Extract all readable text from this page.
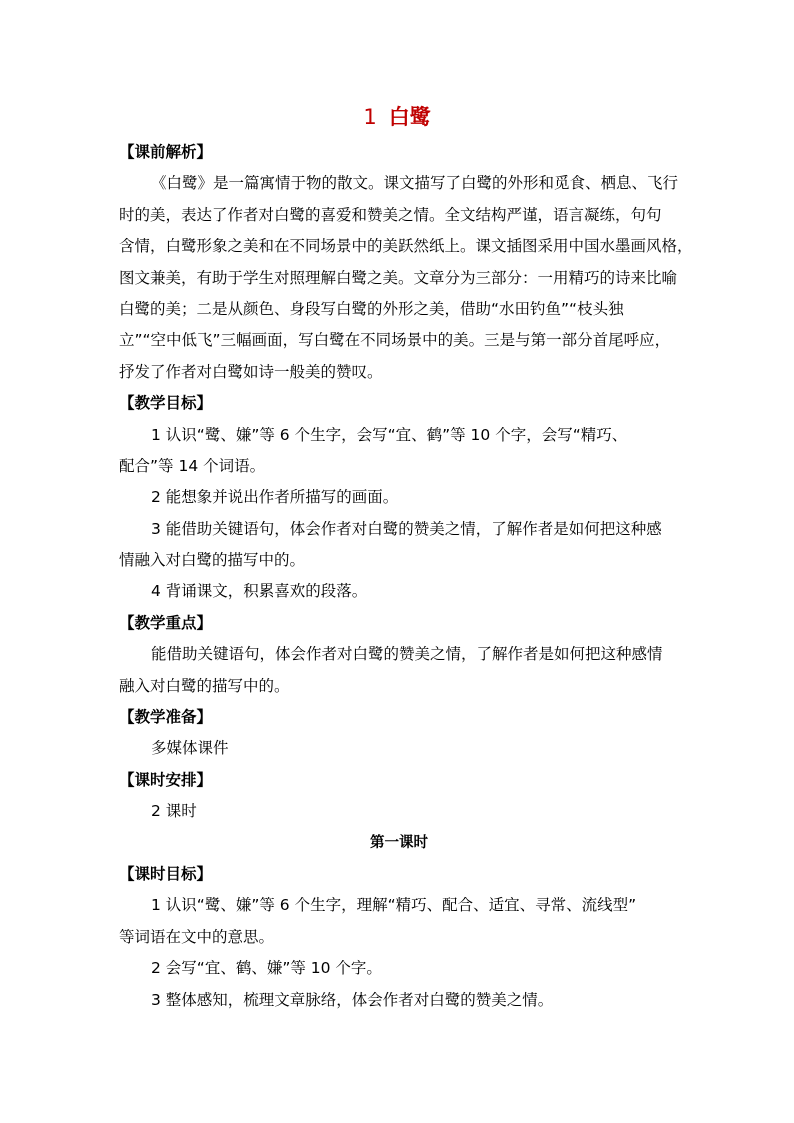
1 白鹭
【课前解析】
《白鹭》是一篇寓情于物的散文。课文描写了白鹭的外形和觅食、栖息、飞行
时的美，表达了作者对白鹭的喜爱和赞美之情。全文结构严谨，语言凝练，句句
含情，白鹭形象之美和在不同场景中的美跃然纸上。课文插图采用中国水墨画风格，
图文兼美，有助于学生对照理解白鹭之美。文章分为三部分：一用精巧的诗来比喻
白鹭的美；二是从颜色、身段写白鹭的外形之美，借助“水田钓鱼”“枝头独
立”“空中低飞”三幅画面，写白鹭在不同场景中的美。三是与第一部分首尾呼应，
抒发了作者对白鹭如诗一般美的赞叹。
【教学目标】
1 认识“鹭、嫌”等 6 个生字，会写“宜、鹤”等 10 个字，会写“精巧、
配合”等 14 个词语。
2 能想象并说出作者所描写的画面。
3 能借助关键语句，体会作者对白鹭的赞美之情，了解作者是如何把这种感
情融入对白鹭的描写中的。
4 背诵课文，积累喜欢的段落。
【教学重点】
能借助关键语句，体会作者对白鹭的赞美之情，了解作者是如何把这种感情
融入对白鹭的描写中的。
【教学准备】
多媒体课件
【课时安排】
2 课时
第一课时
【课时目标】
1 认识“鹭、嫌”等 6 个生字，理解“精巧、配合、适宜、寻常、流线型”
等词语在文中的意思。
2 会写“宜、鹤、嫌”等 10 个字。
3 整体感知，梳理文章脉络，体会作者对白鹭的赞美之情。
